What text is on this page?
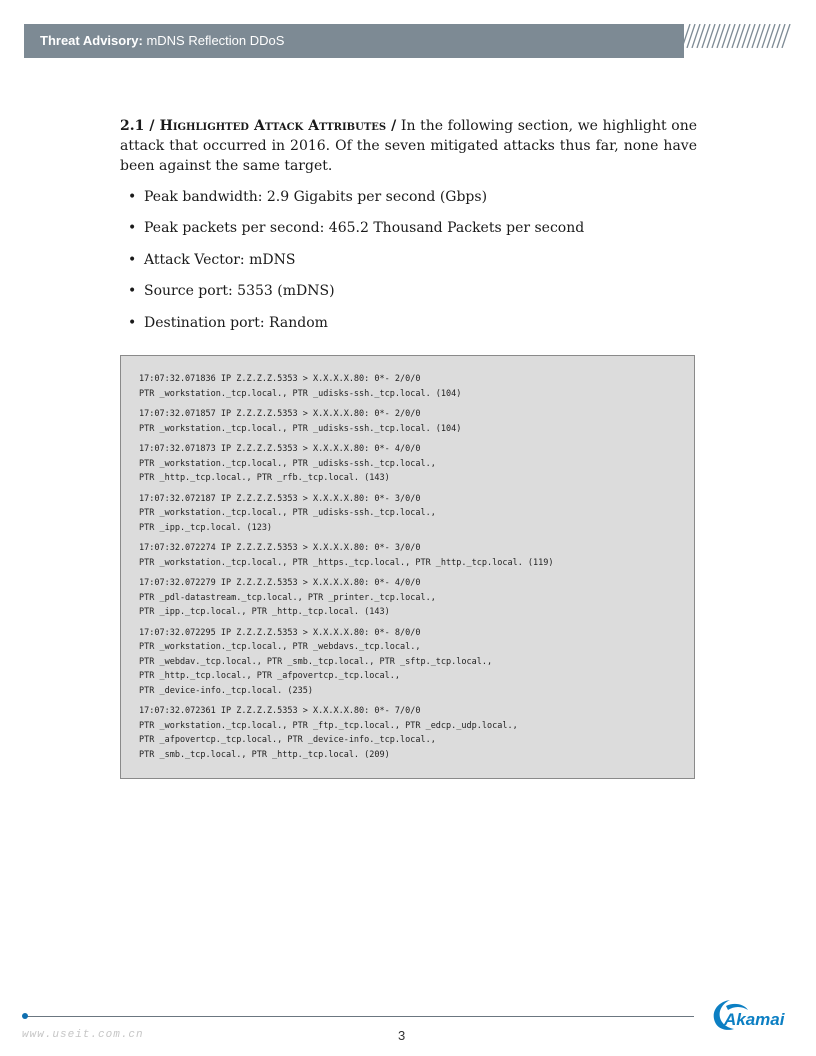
Threat Advisory: mDNS Reflection DDoS

2.1 / Highlighted Attack Attributes / In the following section, we highlight one attack that occurred in 2016. Of the seven mitigated attacks thus far, none have been against the same target.

• Peak bandwidth: 2.9 Gigabits per second (Gbps)
• Peak packets per second: 465.2 Thousand Packets per second
• Attack Vector: mDNS
• Source port: 5353 (mDNS)
• Destination port: Random
17:07:32.071836 IP Z.Z.Z.Z.5353 > X.X.X.X.80: 0*- 2/0/0
PTR _workstation._tcp.local., PTR _udisks-ssh._tcp.local. (104)
17:07:32.071857 IP Z.Z.Z.Z.5353 > X.X.X.X.80: 0*- 2/0/0
PTR _workstation._tcp.local., PTR _udisks-ssh._tcp.local. (104)
17:07:32.071873 IP Z.Z.Z.Z.5353 > X.X.X.X.80: 0*- 4/0/0
PTR _workstation._tcp.local., PTR _udisks-ssh._tcp.local.,
PTR _http._tcp.local., PTR _rfb._tcp.local. (143)
17:07:32.072187 IP Z.Z.Z.Z.5353 > X.X.X.X.80: 0*- 3/0/0
PTR _workstation._tcp.local., PTR _udisks-ssh._tcp.local.,
PTR _ipp._tcp.local. (123)
17:07:32.072274 IP Z.Z.Z.Z.5353 > X.X.X.X.80: 0*- 3/0/0
PTR _workstation._tcp.local., PTR _https._tcp.local., PTR _http._tcp.local. (119)
17:07:32.072279 IP Z.Z.Z.Z.5353 > X.X.X.X.80: 0*- 4/0/0
PTR _pdl-datastream._tcp.local., PTR _printer._tcp.local.,
PTR _ipp._tcp.local., PTR _http._tcp.local. (143)
17:07:32.072295 IP Z.Z.Z.Z.5353 > X.X.X.X.80: 0*- 8/0/0
PTR _workstation._tcp.local., PTR _webdavs._tcp.local.,
PTR _webdav._tcp.local., PTR _smb._tcp.local., PTR _sftp._tcp.local.,
PTR _http._tcp.local., PTR _afpovertcp._tcp.local.,
PTR _device-info._tcp.local. (235)
17:07:32.072361 IP Z.Z.Z.Z.5353 > X.X.X.X.80: 0*- 7/0/0
PTR _workstation._tcp.local., PTR _ftp._tcp.local., PTR _edcp._udp.local.,
PTR _afpovertcp._tcp.local., PTR _device-info._tcp.local.,
PTR _smb._tcp.local., PTR _http._tcp.local. (209)
www.useit.com.cn	3
Akamai
